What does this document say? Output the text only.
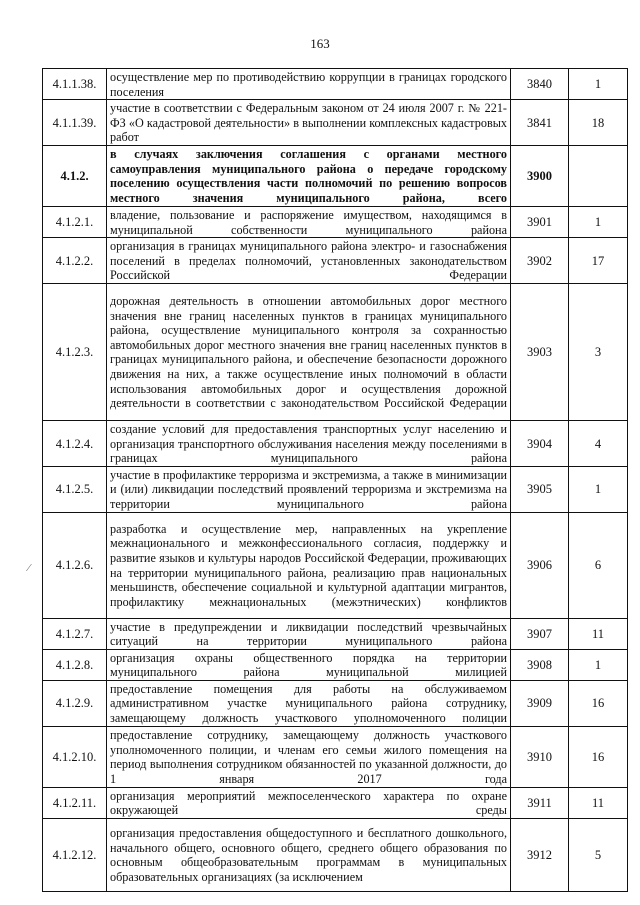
163
⁄
4.1.1.38.	осуществление мер по противодействию коррупции в границах городского поселения	3840	1
4.1.1.39.	участие в соответствии с Федеральным законом от 24 июля 2007 г. № 221-ФЗ «О кадастровой деятельности» в выполнении комплексных кадастровых работ	3841	18
4.1.2.	в случаях заключения соглашения с органами местного самоуправления муниципального района о передаче городскому поселению осуществления части полномочий по решению вопросов местного значения муниципального района, всего	3900	
4.1.2.1.	владение, пользование и распоряжение имуществом, находящимся в муниципальной собственности муниципального района	3901	1
4.1.2.2.	организация в границах муниципального района электро- и газоснабжения поселений в пределах полномочий, установленных законодательством Российской Федерации	3902	17
4.1.2.3.	дорожная деятельность в отношении автомобильных дорог местного значения вне границ населенных пунктов в границах муниципального района, осуществление муниципального контроля за сохранностью автомобильных дорог местного значения вне границ населенных пунктов в границах муниципального района, и обеспечение безопасности дорожного движения на них, а также осуществление иных полномочий в области использования автомобильных дорог и осуществления дорожной деятельности в соответствии с законодательством Российской Федерации	3903	3
4.1.2.4.	создание условий для предоставления транспортных услуг населению и организация транспортного обслуживания населения между поселениями в границах муниципального района	3904	4
4.1.2.5.	участие в профилактике терроризма и экстремизма, а также в минимизации и (или) ликвидации последствий проявлений терроризма и экстремизма на территории муниципального района	3905	1
4.1.2.6.	разработка и осуществление мер, направленных на укрепление межнационального и межконфессионального согласия, поддержку и развитие языков и культуры народов Российской Федерации, проживающих на территории муниципального района, реализацию прав национальных меньшинств, обеспечение социальной и культурной адаптации мигрантов, профилактику межнациональных (межэтнических) конфликтов	3906	6
4.1.2.7.	участие в предупреждении и ликвидации последствий чрезвычайных ситуаций на территории муниципального района	3907	11
4.1.2.8.	организация охраны общественного порядка на территории муниципального района муниципальной милицией	3908	1
4.1.2.9.	предоставление помещения для работы на обслуживаемом административном участке муниципального района сотруднику, замещающему должность участкового уполномоченного полиции	3909	16
4.1.2.10.	предоставление сотруднику, замещающему должность участкового уполномоченного полиции, и членам его семьи жилого помещения на период выполнения сотрудником обязанностей по указанной должности, до 1 января 2017 года	3910	16
4.1.2.11.	организация мероприятий межпоселенческого характера по охране окружающей среды	3911	11
4.1.2.12.	организация предоставления общедоступного и бесплатного дошкольного, начального общего, основного общего, среднего общего образования по основным общеобразовательным программам в муниципальных образовательных организациях (за исключением	3912	5
